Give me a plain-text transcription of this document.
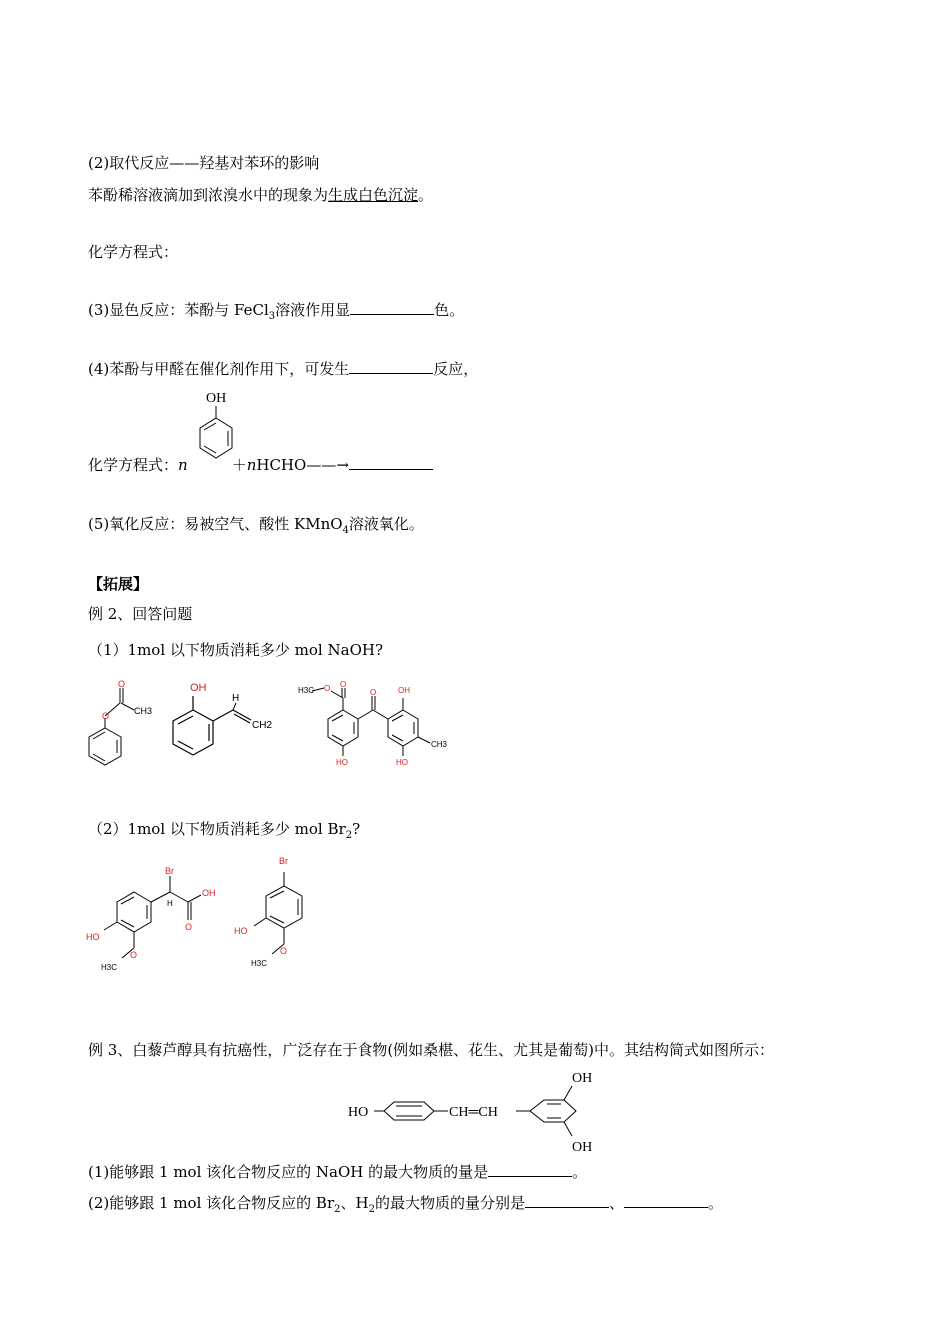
(2)取代反应——羟基对苯环的影响
苯酚稀溶液滴加到浓溴水中的现象为生成白色沉淀。
化学方程式：
(3)显色反应：苯酚与 FeCl$_3$溶液作用显	色。
(4)苯酚与甲醛在催化剂作用下，可发生	反应，
OH
化学方程式：n	＋nHCHO——→
(5)氧化反应：易被空气、酸性 KMnO$_4$溶液氧化。
【拓展】
例 2、回答问题
（1）1mol 以下物质消耗多少 mol NaOH?
O
O
CH3
OH
H
CH2
H3C O O
O	OH
HO	HO
CH3
（2）1mol 以下物质消耗多少 mol $Br_2$?
Br
H
OH
O
HO
O
H3C
Br
HO
O
H3C
例 3、白藜芦醇具有抗癌性，广泛存在于食物(例如桑椹、花生、尤其是葡萄)中。其结构简式如图所示：
HO	CH═CH
OH
OH
(1)能够跟 1 mol 该化合物反应的 NaOH 的最大物质的量是	。
(2)能够跟 1 mol 该化合物反应的 $Br_2$、$H_2$的最大物质的量分别是	、	。
